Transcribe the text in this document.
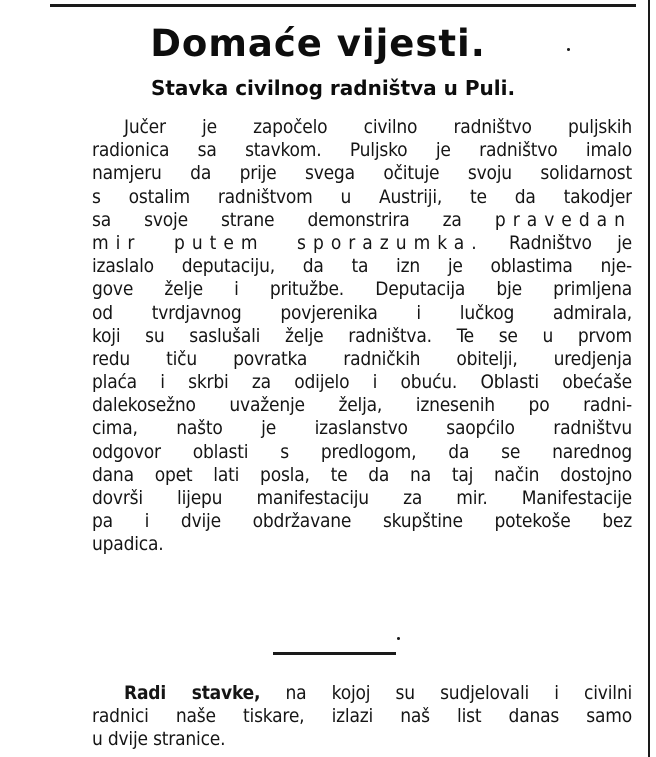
Domaće vijesti.
Stavka civilnog radništva u Puli.
Jučer je započelo civilno radništvo puljskih
radionica sa stavkom. Puljsko je radništvo imalo
namjeru da prije svega očituje svoju solidarnost
s ostalim radništvom u Austriji, te da takodjer
sa svoje strane demonstrira za pravedan
mir putem sporazumka. Radništvo je
izaslalo deputaciju, da ta izn je oblastima nje-
gove želje i pritužbe. Deputacija bje primljena
od tvrdjavnog povjerenika i lučkog admirala,
koji su saslušali želje radništva. Te se u prvom
redu tiču povratka radničkih obitelji, uredjenja
plaća i skrbi za odijelo i obuću. Oblasti obećaše
dalekosežno uvaženje želja, iznesenih po radni-
cima, našto je izaslanstvo saopćilo radništvu
odgovor oblasti s predlogom, da se narednog
dana opet lati posla, te da na taj način dostojno
dovrši lijepu manifestaciju za mir. Manifestacije
pa i dvije obdržavane skupštine potekoše bez
upadica.
Radi stavke, na kojoj su sudjelovali i civilni
radnici naše tiskare, izlazi naš list danas samo
u dvije stranice.
